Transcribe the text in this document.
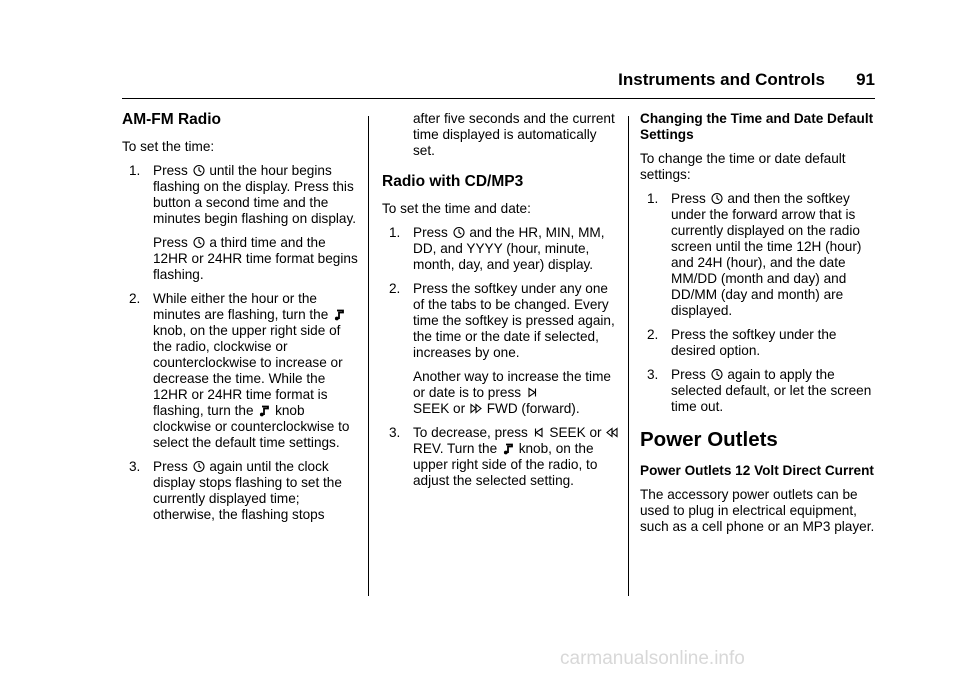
Instruments and Controls 91
AM-FM Radio

To set the time:

1. Press until the hour begins flashing on the display. Press this button a second time and the minutes begin flashing on display.

Press a third time and the 12HR or 24HR time format begins flashing.

2. While either the hour or the minutes are flashing, turn the
knob, on the upper right side of the radio, clockwise or counterclockwise to increase or decrease the time. While the 12HR or 24HR time format is flashing, turn the knob clockwise or counterclockwise to select the default time settings.

3. Press again until the clock display stops flashing to set the currently displayed time; otherwise, the flashing stops

after five seconds and the current time displayed is automatically set.

Radio with CD/MP3

To set the time and date:

1. Press and the HR, MIN, MM, DD, and YYYY (hour, minute, month, day, and year) display.

2. Press the softkey under any one of the tabs to be changed. Every time the softkey is pressed again, the time or the date if selected, increases by one.

Another way to increase the time or date is to press

SEEK or FWD (forward).

3. To decrease, press SEEK or
REV. Turn the knob, on the upper right side of the radio, to adjust the selected setting.

Changing the Time and Date Default Settings

To change the time or date default settings:

1. Press and then the softkey under the forward arrow that is currently displayed on the radio screen until the time 12H (hour) and 24H (hour), and the date MM/DD (month and day) and DD/MM (day and month) are displayed.

2. Press the softkey under the desired option.

3. Press again to apply the selected default, or let the screen time out.

Power Outlets
Power Outlets 12 Volt Direct Current

The accessory power outlets can be used to plug in electrical equipment, such as a cell phone or an MP3 player.

carmanualsonline.info
